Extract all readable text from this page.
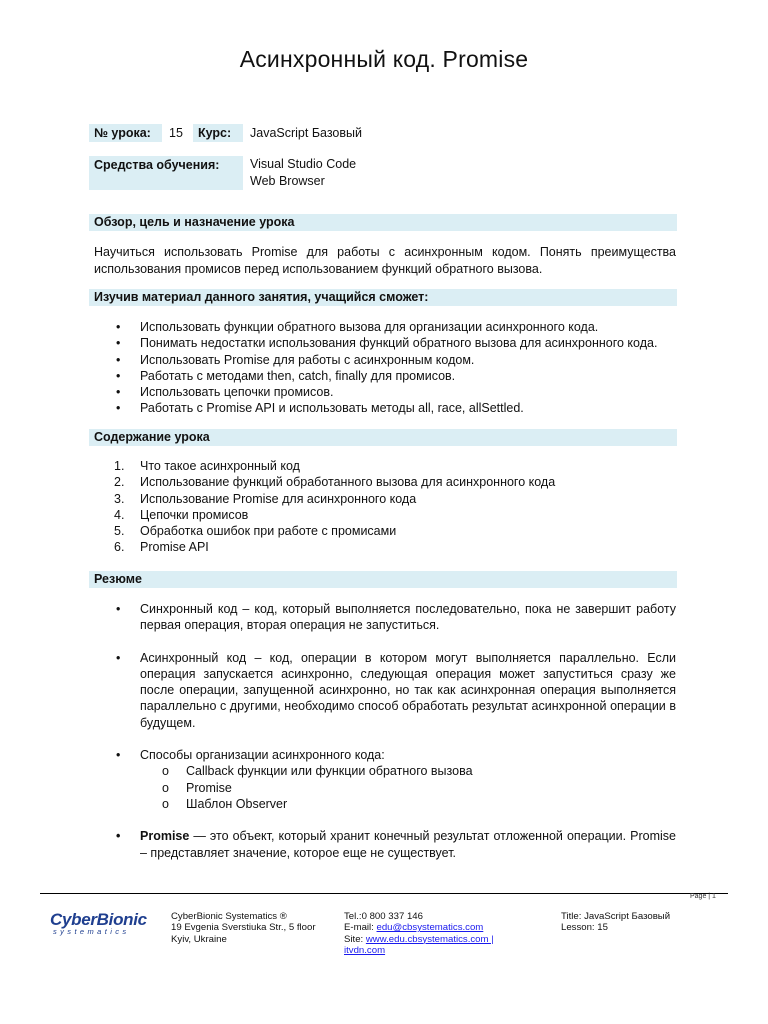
Асинхронный код. Promise
№ урока:	15	Курс:	JavaScript Базовый
Средства обучения:	Visual Studio Code
Web Browser
Обзор, цель и назначение урока
Научиться использовать Promise для работы с асинхронным кодом. Понять преимущества использования промисов перед использованием функций обратного вызова.
Изучив материал данного занятия, учащийся сможет:
• Использовать функции обратного вызова для организации асинхронного кода.
• Понимать недостатки использования функций обратного вызова для асинхронного кода.
• Использовать Promise для работы с асинхронным кодом.
• Работать с методами then, catch, finally для промисов.
• Использовать цепочки промисов.
• Работать с Promise API и использовать методы all, race, allSettled.
Содержание урока
1. Что такое асинхронный код
2. Использование функций обработанного вызова для асинхронного кода
3. Использование Promise для асинхронного кода
4. Цепочки промисов
5. Обработка ошибок при работе с промисами
6. Promise API
Резюме
• Синхронный код – код, который выполняется последовательно, пока не завершит работу первая операция, вторая операция не запуститься.
• Асинхронный код – код, операции в котором могут выполняется параллельно. Если операция запускается асинхронно, следующая операция может запуститься сразу же после операции, запущенной асинхронно, но так как асинхронная операция выполняется параллельно с другими, необходимо способ обработать результат асинхронной операции в будущем.
• Способы организации асинхронного кода:
o Callback функции или функции обратного вызова
o Promise
o Шаблон Observer
• Promise — это объект, который хранит конечный результат отложенной операции. Promise – представляет значение, которое еще не существует.
Page | 1
CyberBionic
systematics
CyberBionic Systematics ®
19 Evgenia Sverstiuka Str., 5 floor
Kyiv, Ukraine
Tel.:0 800 337 146
E-mail: edu@cbsystematics.com
Site: www.edu.cbsystematics.com |
itvdn.com
Title: JavaScript Базовый
Lesson: 15
